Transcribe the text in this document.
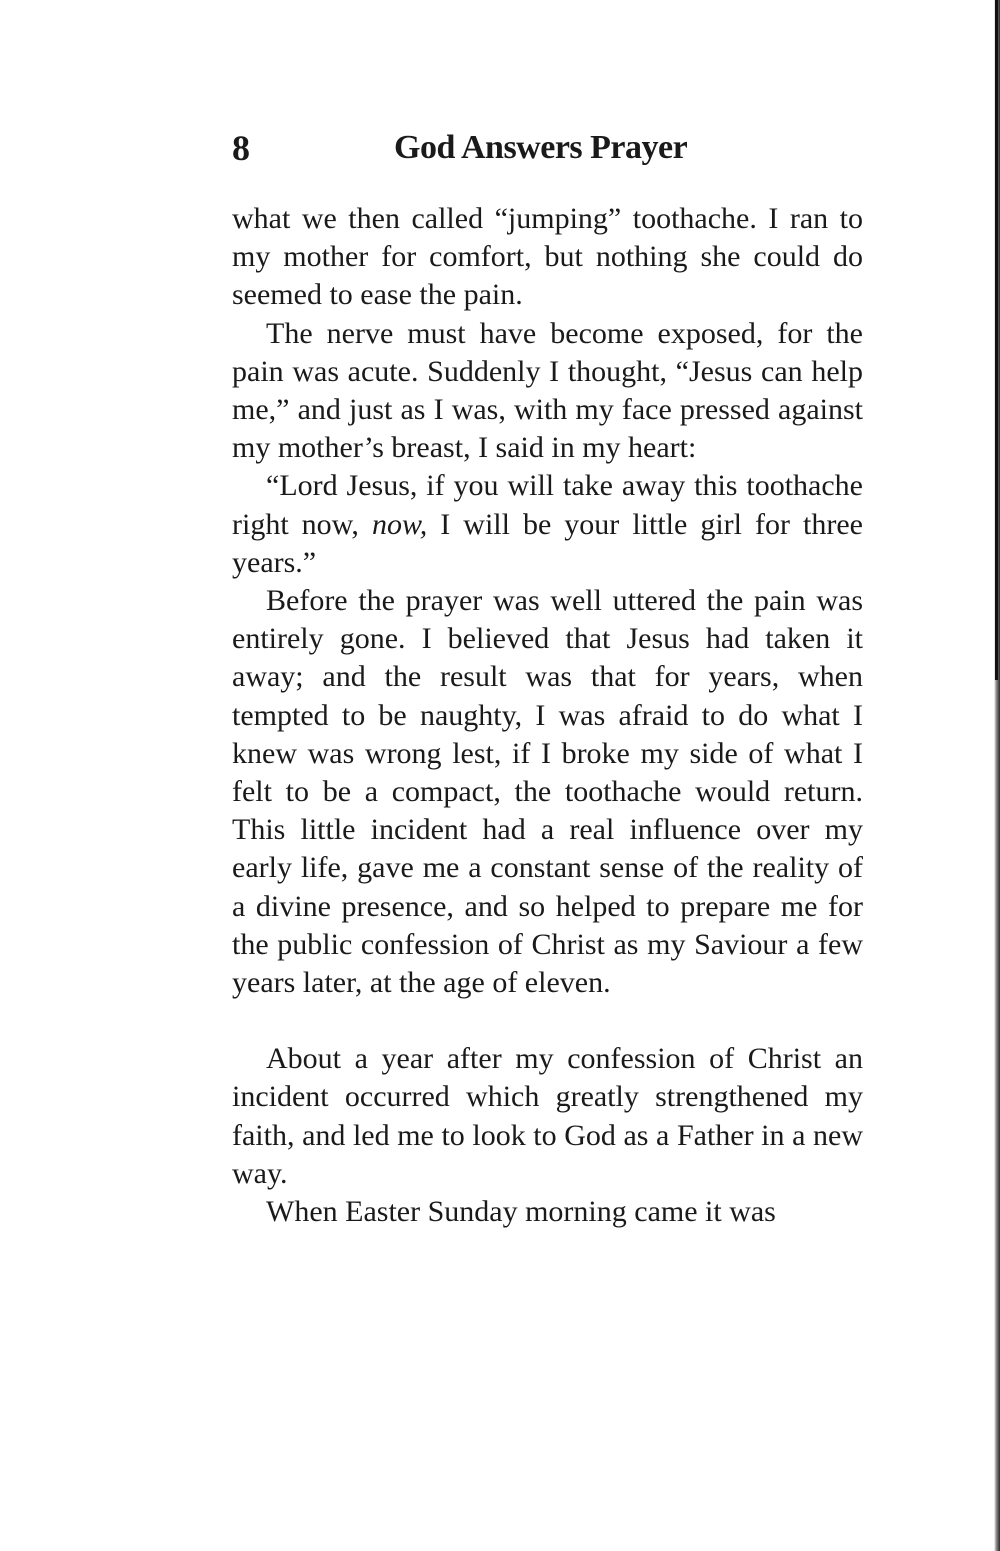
8	God Answers Prayer

what we then called “jumping” toothache. I ran to my mother for comfort, but nothing she could do seemed to ease the pain.

The nerve must have become exposed, for the pain was acute. Suddenly I thought, “Jesus can help me,” and just as I was, with my face pressed against my mother’s breast, I said in my heart:

“Lord Jesus, if you will take away this toothache right now, now, I will be your little girl for three years.”

Before the prayer was well uttered the pain was entirely gone. I believed that Jesus had taken it away; and the result was that for years, when tempted to be naughty, I was afraid to do what I knew was wrong lest, if I broke my side of what I felt to be a compact, the toothache would return. This little incident had a real influence over my early life, gave me a constant sense of the reality of a divine presence, and so helped to prepare me for the public confession of Christ as my Saviour a few years later, at the age of eleven.

About a year after my confession of Christ an incident occurred which greatly strengthened my faith, and led me to look to God as a Father in a new way.

When Easter Sunday morning came it was
